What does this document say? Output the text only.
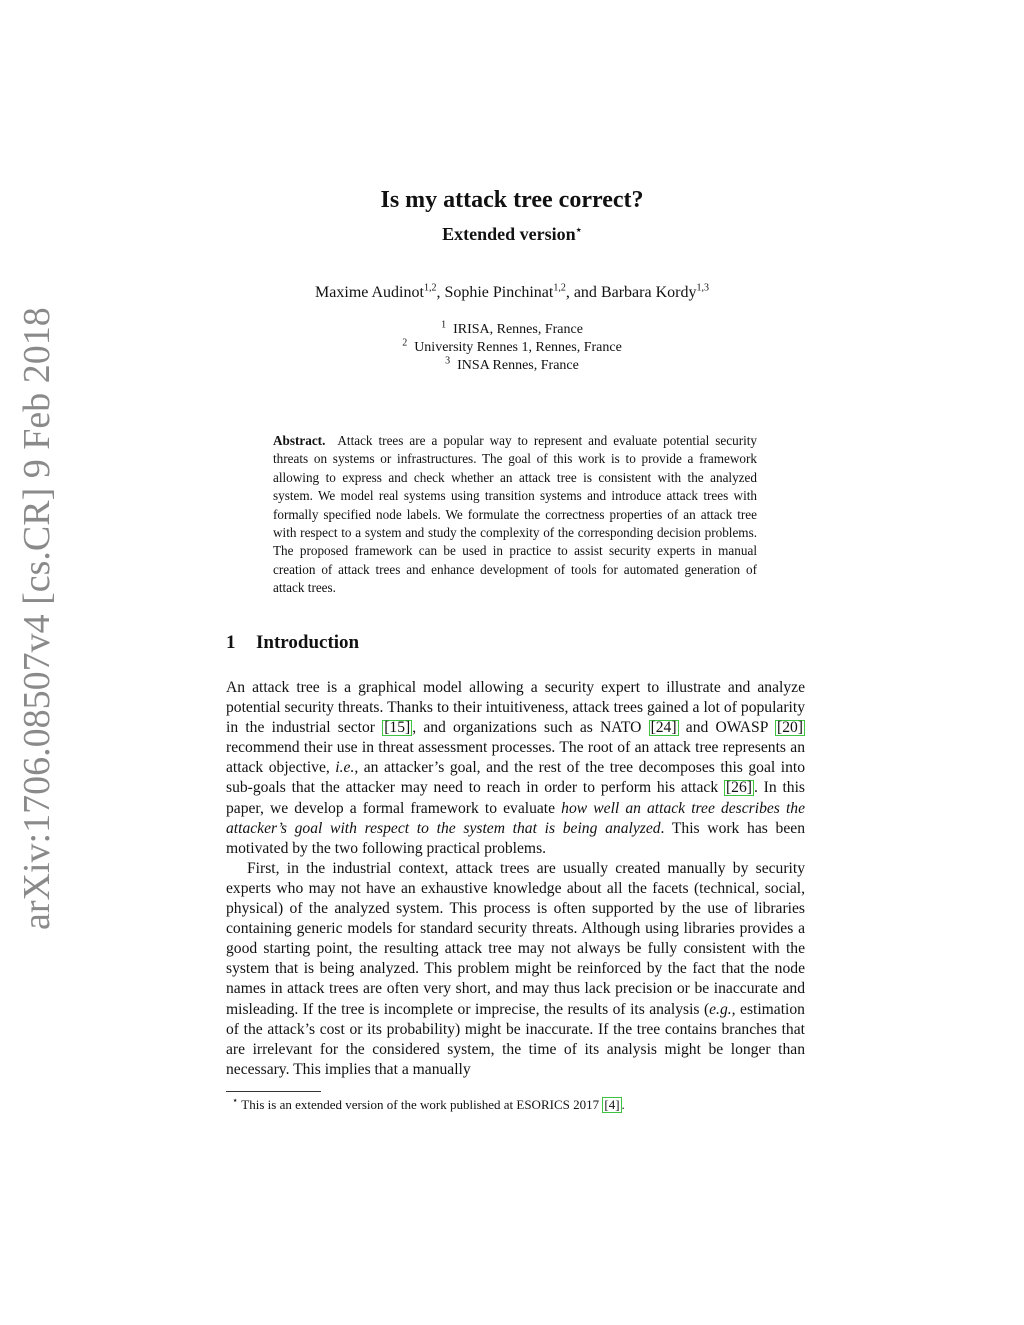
arXiv:1706.08507v4 [cs.CR] 9 Feb 2018
Is my attack tree correct?
Extended version⋆
Maxime Audinot$^{1,2}$, Sophie Pinchinat$^{1,2}$, and Barbara Kordy$^{1,3}$
$^1$ IRISA, Rennes, France
$^2$ University Rennes 1, Rennes, France
$^3$ INSA Rennes, France
Abstract. Attack trees are a popular way to represent and evaluate potential security threats on systems or infrastructures. The goal of this work is to provide a framework allowing to express and check whether an attack tree is consistent with the analyzed system. We model real systems using transition systems and introduce attack trees with formally specified node labels. We formulate the correctness properties of an attack tree with respect to a system and study the complexity of the corresponding decision problems. The proposed framework can be used in practice to assist security experts in manual creation of attack trees and enhance development of tools for automated generation of attack trees.
1 Introduction

An attack tree is a graphical model allowing a security expert to illustrate and analyze potential security threats. Thanks to their intuitiveness, attack trees gained a lot of popularity in the industrial sector [15] , and organizations such as NATO [24] and OWASP [20] recommend their use in threat assessment processes. The root of an attack tree represents an attack objective, i.e., an attacker’s goal, and the rest of the tree decomposes this goal into sub-goals that the attacker may need to reach in order to perform his attack [26] . In this paper, we develop a formal framework to evaluate how well an attack tree describes the attacker’s goal with respect to the system that is being analyzed. This work has been motivated by the two following practical problems.

First, in the industrial context, attack trees are usually created manually by security experts who may not have an exhaustive knowledge about all the facets (technical, social, physical) of the analyzed system. This process is often supported by the use of libraries containing generic models for standard security threats. Although using libraries provides a good starting point, the resulting attack tree may not always be fully consistent with the system that is being analyzed. This problem might be reinforced by the fact that the node names in attack trees are often very short, and may thus lack precision or be inaccurate and misleading. If the tree is incomplete or imprecise, the results of its analysis (e.g., estimation of the attack’s cost or its probability) might be inaccurate. If the tree contains branches that are irrelevant for the considered system, the time of its analysis might be longer than necessary. This implies that a manually

⋆ This is an extended version of the work published at ESORICS 2017 [4] .
